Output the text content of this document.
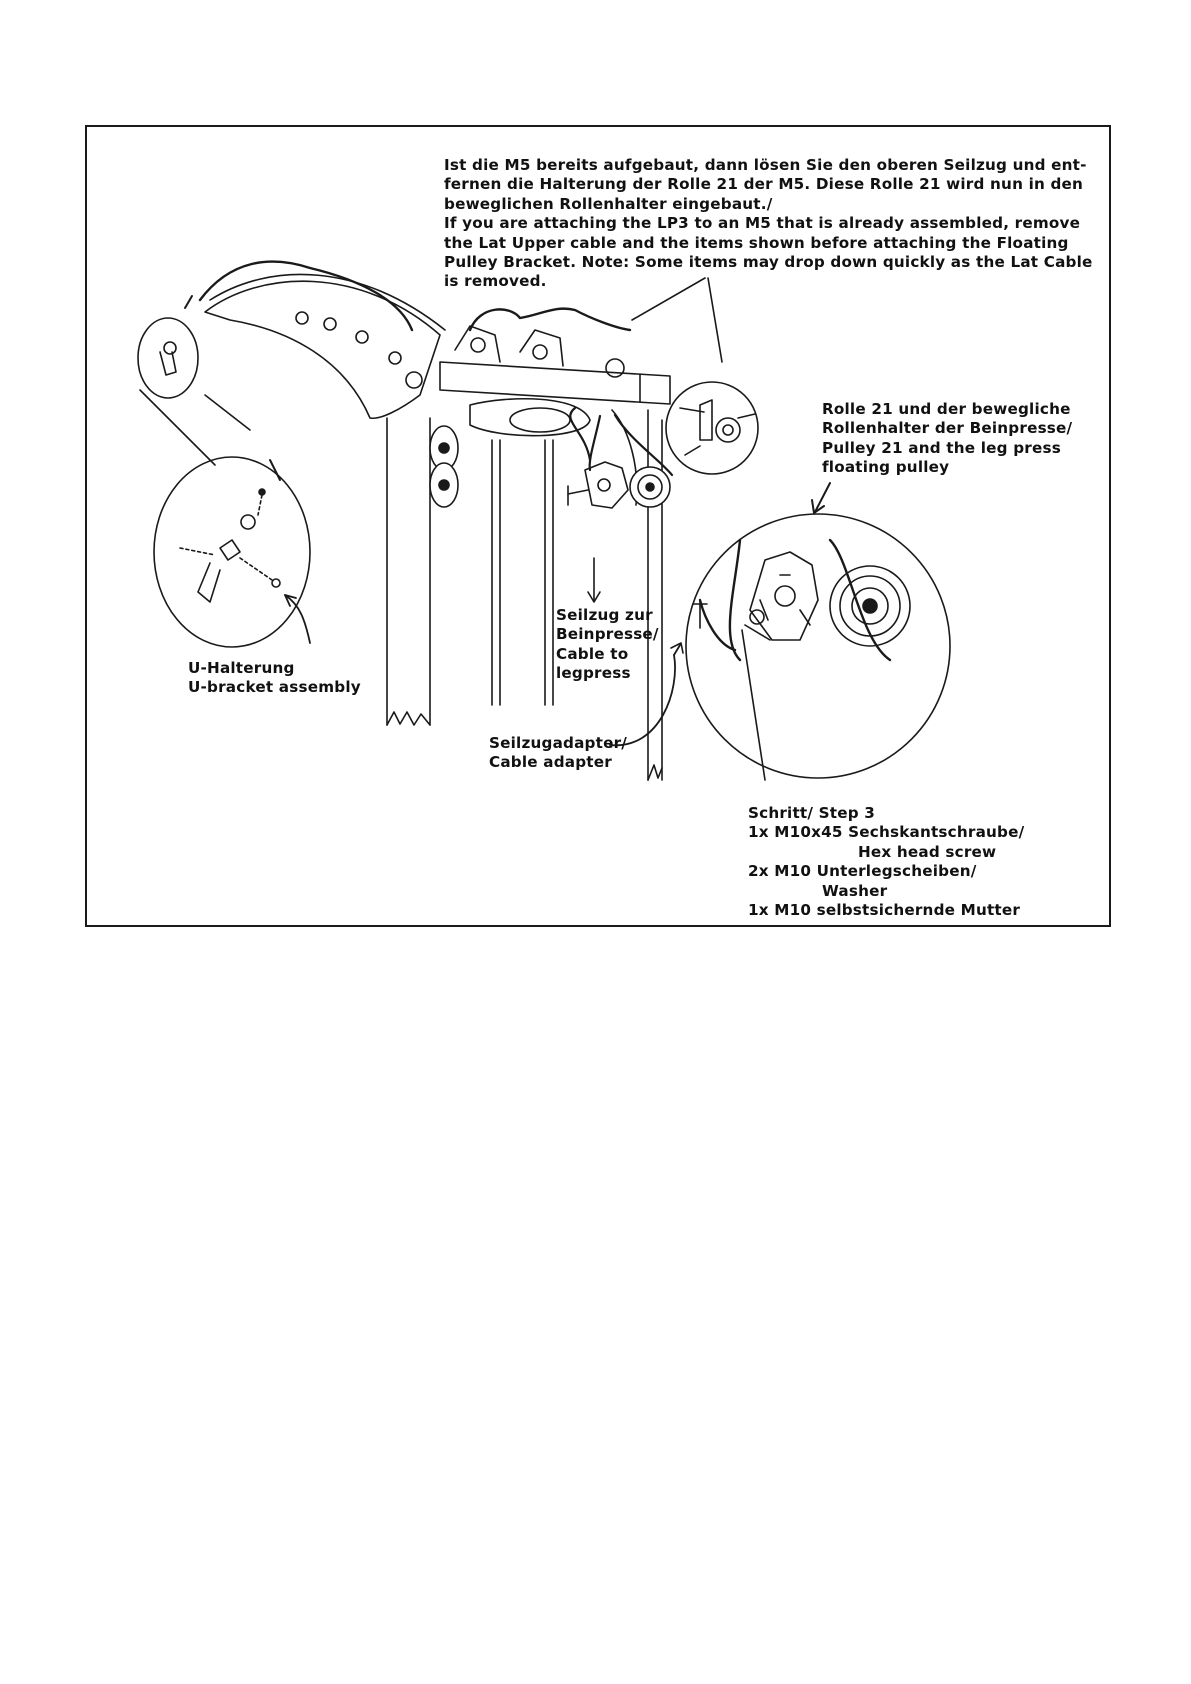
Ist die M5 bereits aufgebaut, dann lösen Sie den oberen Seilzug und ent-
fernen die Halterung der Rolle 21 der M5. Diese Rolle 21 wird nun in den
beweglichen Rollenhalter eingebaut./
If you are attaching the LP3 to an M5 that is already assembled, remove
the Lat Upper cable and the items shown before attaching the Floating
Pulley Bracket. Note: Some items may drop down quickly as the Lat Cable
is removed.
Rolle 21 und der bewegliche
Rollenhalter der Beinpresse/
Pulley 21 and the leg press
floating pulley
Seilzug zur
Beinpresse/
Cable to
legpress
U-Halterung
U-bracket assembly
Seilzugadapter/
Cable adapter
Schritt/ Step 3
1x M10x45 Sechskantschraube/
Hex head screw
2x M10 Unterlegscheiben/
Washer
1x M10 selbstsichernde Mutter
